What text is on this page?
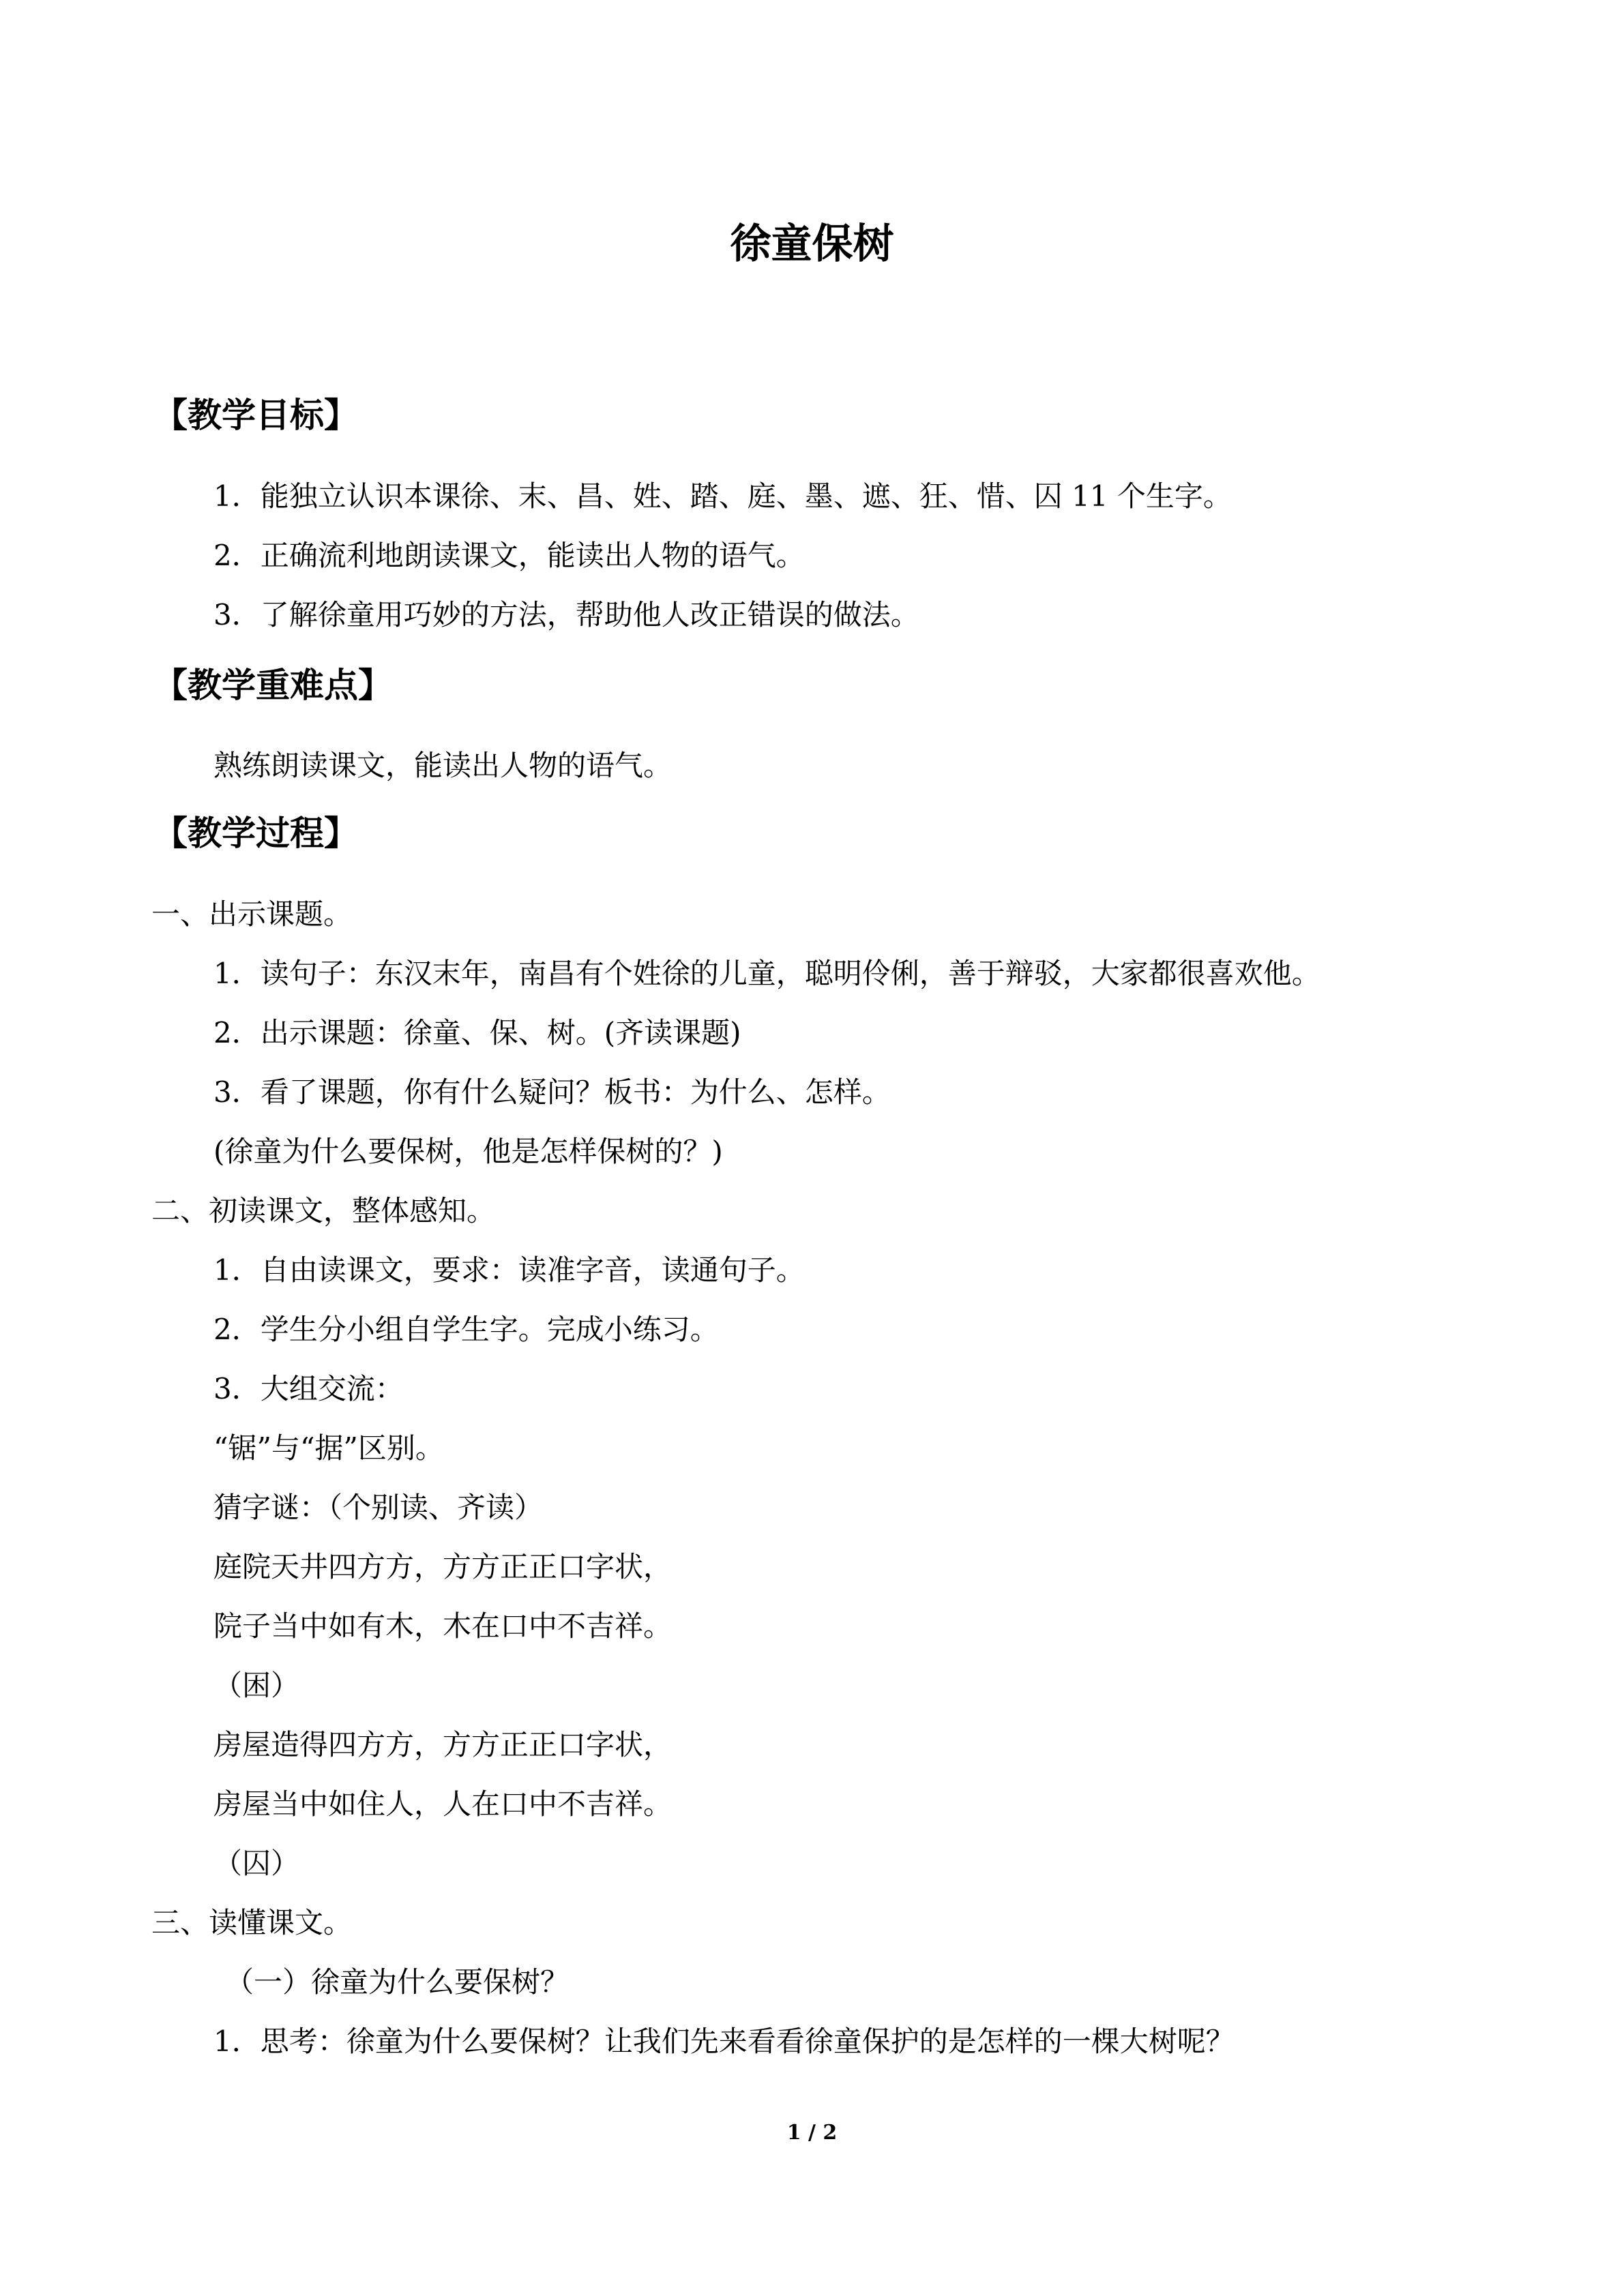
徐童保树
【教学目标】
1．能独立认识本课徐、末、昌、姓、踏、庭、墨、遮、狂、惜、囚 11 个生字。
2．正确流利地朗读课文，能读出人物的语气。
3．了解徐童用巧妙的方法，帮助他人改正错误的做法。
【教学重难点】
熟练朗读课文，能读出人物的语气。
【教学过程】
一、出示课题。
1．读句子：东汉末年，南昌有个姓徐的儿童，聪明伶俐，善于辩驳，大家都很喜欢他。
2．出示课题：徐童、保、树。(齐读课题)
3．看了课题，你有什么疑问？板书：为什么、怎样。
(徐童为什么要保树，他是怎样保树的？)
二、初读课文，整体感知。
1．自由读课文，要求：读准字音，读通句子。
2．学生分小组自学生字。完成小练习。
3．大组交流：
“锯”与“据”区别。
猜字谜：（个别读、齐读）
庭院天井四方方，方方正正口字状，
院子当中如有木，木在口中不吉祥。
（困）
房屋造得四方方，方方正正口字状，
房屋当中如住人，人在口中不吉祥。
（囚）
三、读懂课文。
（一）徐童为什么要保树？
1．思考：徐童为什么要保树？让我们先来看看徐童保护的是怎样的一棵大树呢？
1 / 2
